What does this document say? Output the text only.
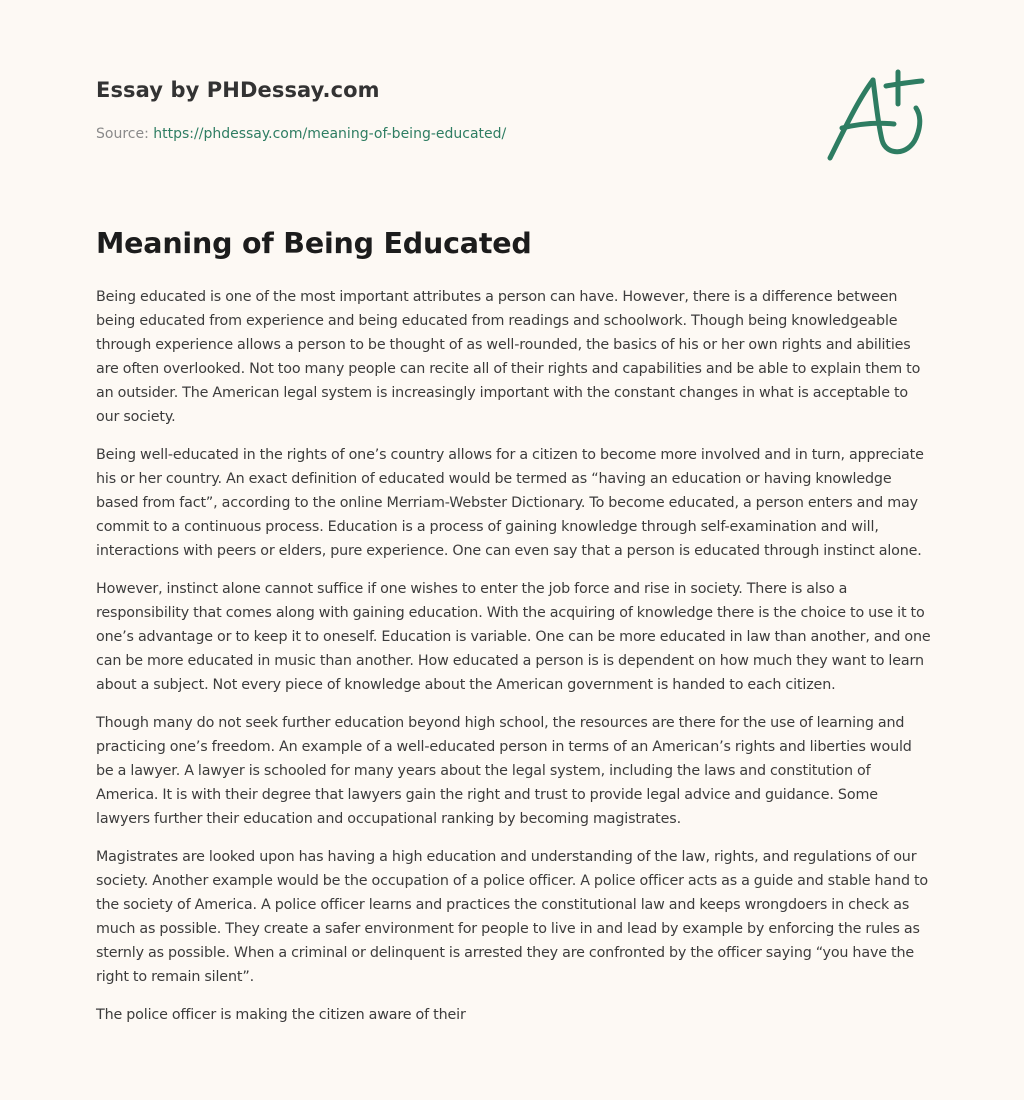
Essay by PHDessay.com
Source: https://phdessay.com/meaning-of-being-educated/
Meaning of Being Educated

Being educated is one of the most important attributes a person can have. However, there is a difference between being educated from experience and being educated from readings and schoolwork. Though being knowledgeable through experience allows a person to be thought of as well-rounded, the basics of his or her own rights and abilities are often overlooked. Not too many people can recite all of their rights and capabilities and be able to explain them to an outsider. The American legal system is increasingly important with the constant changes in what is acceptable to our society.

Being well-educated in the rights of one’s country allows for a citizen to become more involved and in turn, appreciate his or her country. An exact definition of educated would be termed as “having an education or having knowledge based from fact”, according to the online Merriam-Webster Dictionary. To become educated, a person enters and may commit to a continuous process. Education is a process of gaining knowledge through self-examination and will, interactions with peers or elders, pure experience. One can even say that a person is educated through instinct alone.

However, instinct alone cannot suffice if one wishes to enter the job force and rise in society. There is also a responsibility that comes along with gaining education. With the acquiring of knowledge there is the choice to use it to one’s advantage or to keep it to oneself. Education is variable. One can be more educated in law than another, and one can be more educated in music than another. How educated a person is is dependent on how much they want to learn about a subject. Not every piece of knowledge about the American government is handed to each citizen.

Though many do not seek further education beyond high school, the resources are there for the use of learning and practicing one’s freedom. An example of a well-educated person in terms of an American’s rights and liberties would be a lawyer. A lawyer is schooled for many years about the legal system, including the laws and constitution of America. It is with their degree that lawyers gain the right and trust to provide legal advice and guidance. Some lawyers further their education and occupational ranking by becoming magistrates.

Magistrates are looked upon has having a high education and understanding of the law, rights, and regulations of our society. Another example would be the occupation of a police officer. A police officer acts as a guide and stable hand to the society of America. A police officer learns and practices the constitutional law and keeps wrongdoers in check as much as possible. They create a safer environment for people to live in and lead by example by enforcing the rules as sternly as possible. When a criminal or delinquent is arrested they are confronted by the officer saying “you have the right to remain silent”.

The police officer is making the citizen aware of their
